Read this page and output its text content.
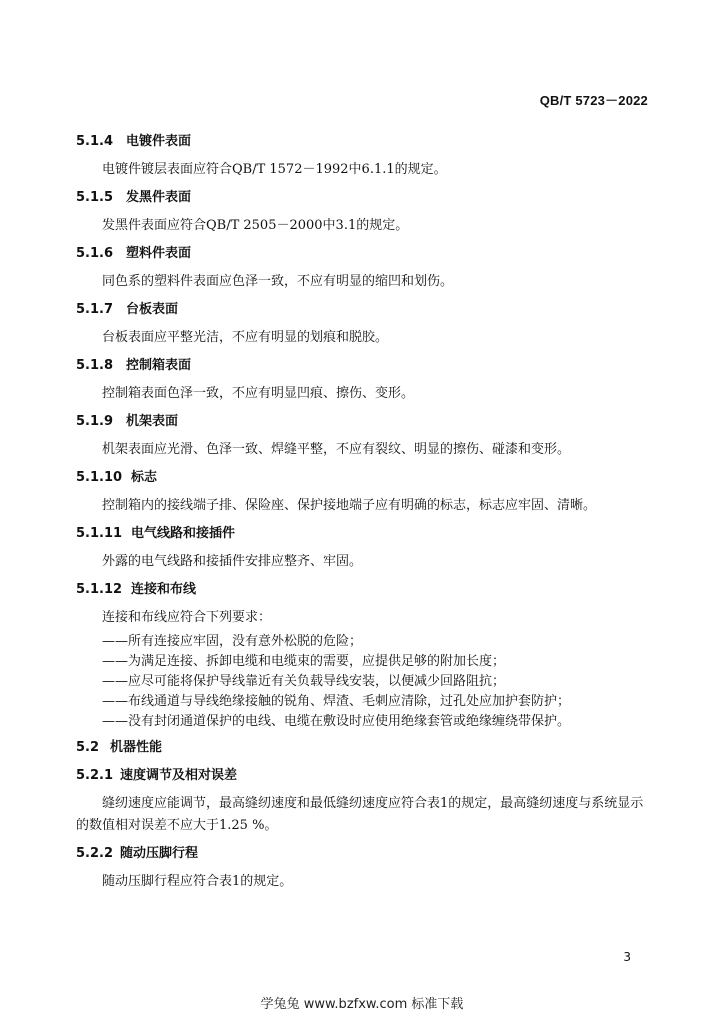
QB/T 5723－2022
5.1.4 电镀件表面
电镀件镀层表面应符合QB/T 1572－1992中6.1.1的规定。
5.1.5 发黑件表面
发黑件表面应符合QB/T 2505－2000中3.1的规定。
5.1.6 塑料件表面
同色系的塑料件表面应色泽一致，不应有明显的缩凹和划伤。
5.1.7 台板表面
台板表面应平整光洁，不应有明显的划痕和脱胶。
5.1.8 控制箱表面
控制箱表面色泽一致，不应有明显凹痕、擦伤、变形。
5.1.9 机架表面
机架表面应光滑、色泽一致、焊缝平整，不应有裂纹、明显的擦伤、碰漆和变形。
5.1.10 标志
控制箱内的接线端子排、保险座、保护接地端子应有明确的标志，标志应牢固、清晰。
5.1.11 电气线路和接插件
外露的电气线路和接插件安排应整齐、牢固。
5.1.12 连接和布线
连接和布线应符合下列要求：
——所有连接应牢固，没有意外松脱的危险；
——为满足连接、拆卸电缆和电缆束的需要，应提供足够的附加长度；
——应尽可能将保护导线靠近有关负载导线安装，以便减少回路阻抗；
——布线通道与导线绝缘接触的锐角、焊渣、毛刺应清除，过孔处应加护套防护；
——没有封闭通道保护的电线、电缆在敷设时应使用绝缘套管或绝缘缠绕带保护。
5.2 机器性能
5.2.1 速度调节及相对误差
缝纫速度应能调节，最高缝纫速度和最低缝纫速度应符合表1的规定，最高缝纫速度与系统显示的数值相对误差不应大于1.25 %。
5.2.2 随动压脚行程
随动压脚行程应符合表1的规定。
3
学兔兔 www.bzfxw.com 标准下载
